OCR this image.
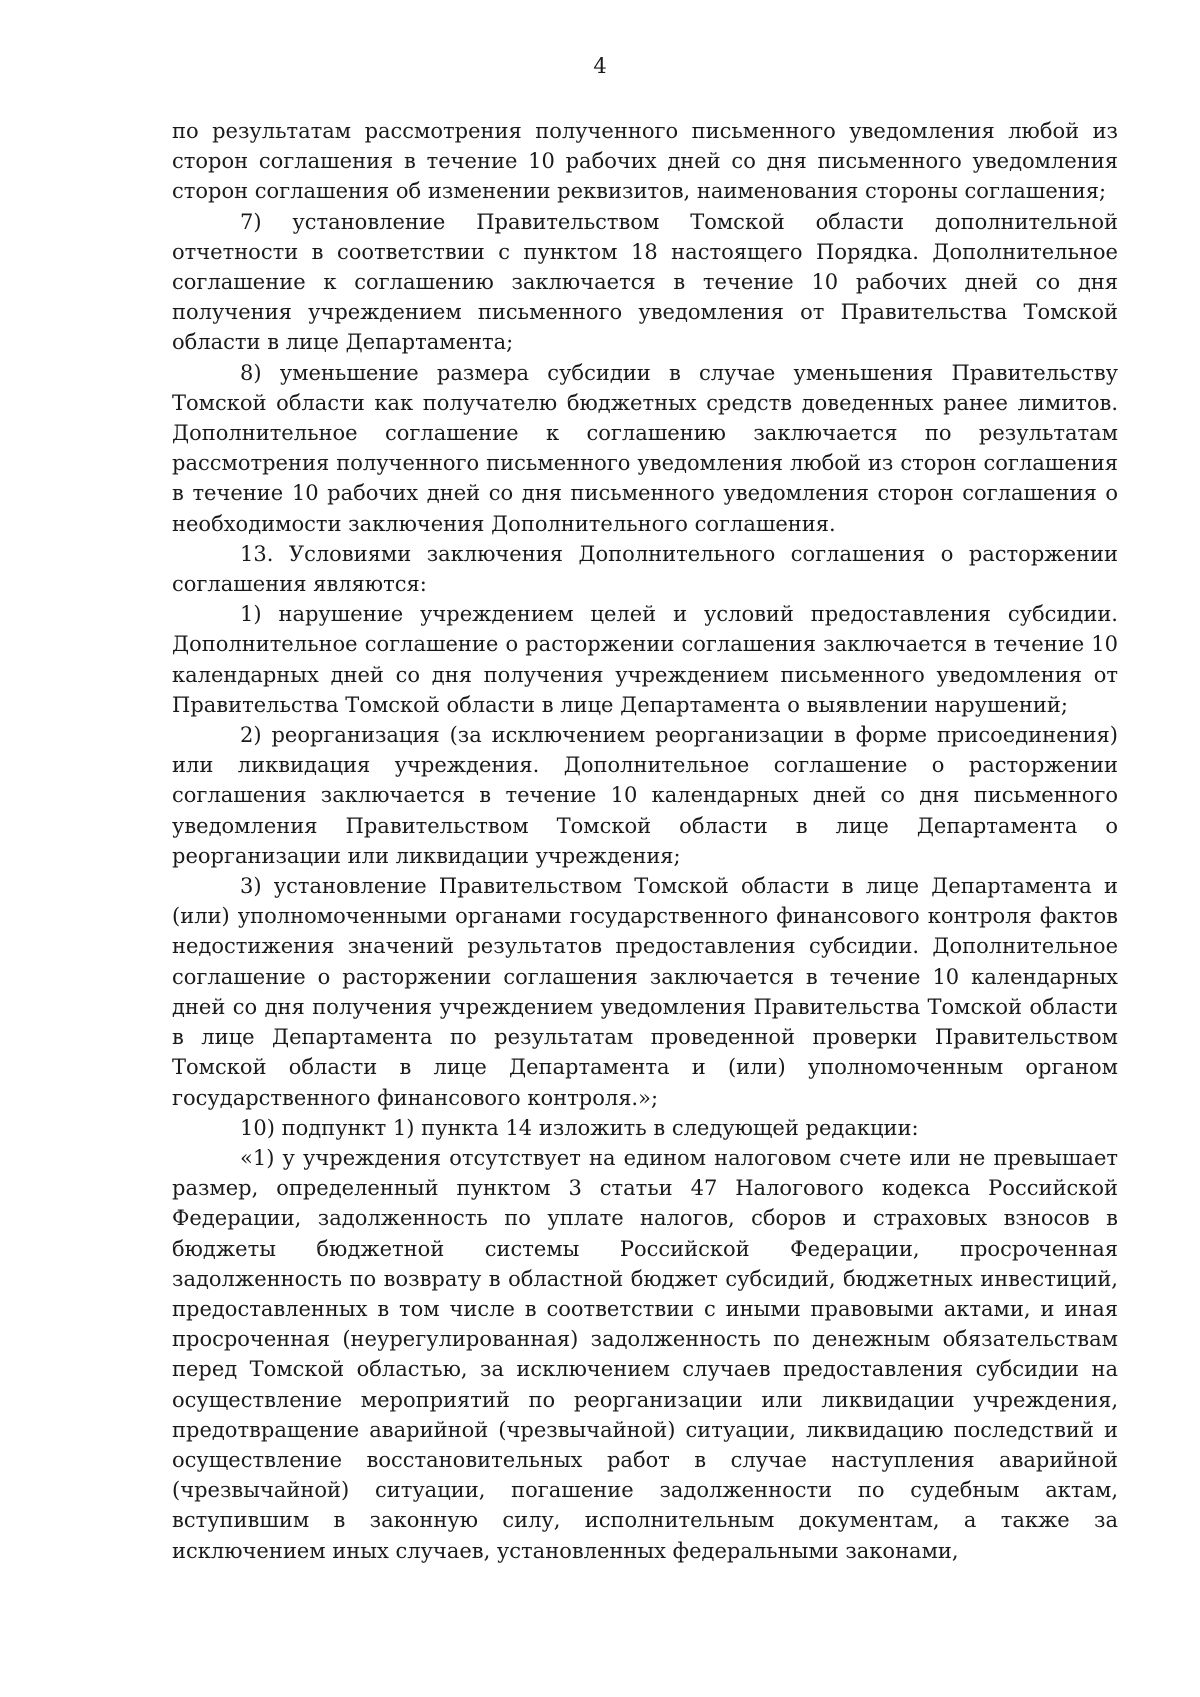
4

по результатам рассмотрения полученного письменного уведомления любой из сторон соглашения в течение 10 рабочих дней со дня письменного уведомления сторон соглашения об изменении реквизитов, наименования стороны соглашения;

7) установление Правительством Томской области дополнительной отчетности в соответствии с пунктом 18 настоящего Порядка. Дополнительное соглашение к соглашению заключается в течение 10 рабочих дней со дня получения учреждением письменного уведомления от Правительства Томской области в лице Департамента;

8) уменьшение размера субсидии в случае уменьшения Правительству Томской области как получателю бюджетных средств доведенных ранее лимитов. Дополнительное соглашение к соглашению заключается по результатам рассмотрения полученного письменного уведомления любой из сторон соглашения в течение 10 рабочих дней со дня письменного уведомления сторон соглашения о необходимости заключения Дополнительного соглашения.

13. Условиями заключения Дополнительного соглашения о расторжении соглашения являются:

1) нарушение учреждением целей и условий предоставления субсидии. Дополнительное соглашение о расторжении соглашения заключается в течение 10 календарных дней со дня получения учреждением письменного уведомления от Правительства Томской области в лице Департамента о выявлении нарушений;

2) реорганизация (за исключением реорганизации в форме присоединения) или ликвидация учреждения. Дополнительное соглашение о расторжении соглашения заключается в течение 10 календарных дней со дня письменного уведомления Правительством Томской области в лице Департамента о реорганизации или ликвидации учреждения;

3) установление Правительством Томской области в лице Департамента и (или) уполномоченными органами государственного финансового контроля фактов недостижения значений результатов предоставления субсидии. Дополнительное соглашение о расторжении соглашения заключается в течение 10 календарных дней со дня получения учреждением уведомления Правительства Томской области в лице Департамента по результатам проведенной проверки Правительством Томской области в лице Департамента и (или) уполномоченным органом государственного финансового контроля.»;

10) подпункт 1) пункта 14 изложить в следующей редакции:

«1) у учреждения отсутствует на едином налоговом счете или не превышает размер, определенный пунктом 3 статьи 47 Налогового кодекса Российской Федерации, задолженность по уплате налогов, сборов и страховых взносов в бюджеты бюджетной системы Российской Федерации, просроченная задолженность по возврату в областной бюджет субсидий, бюджетных инвестиций, предоставленных в том числе в соответствии с иными правовыми актами, и иная просроченная (неурегулированная) задолженность по денежным обязательствам перед Томской областью, за исключением случаев предоставления субсидии на осуществление мероприятий по реорганизации или ликвидации учреждения, предотвращение аварийной (чрезвычайной) ситуации, ликвидацию последствий и осуществление восстановительных работ в случае наступления аварийной (чрезвычайной) ситуации, погашение задолженности по судебным актам, вступившим в законную силу, исполнительным документам, а также за исключением иных случаев, установленных федеральными законами,
